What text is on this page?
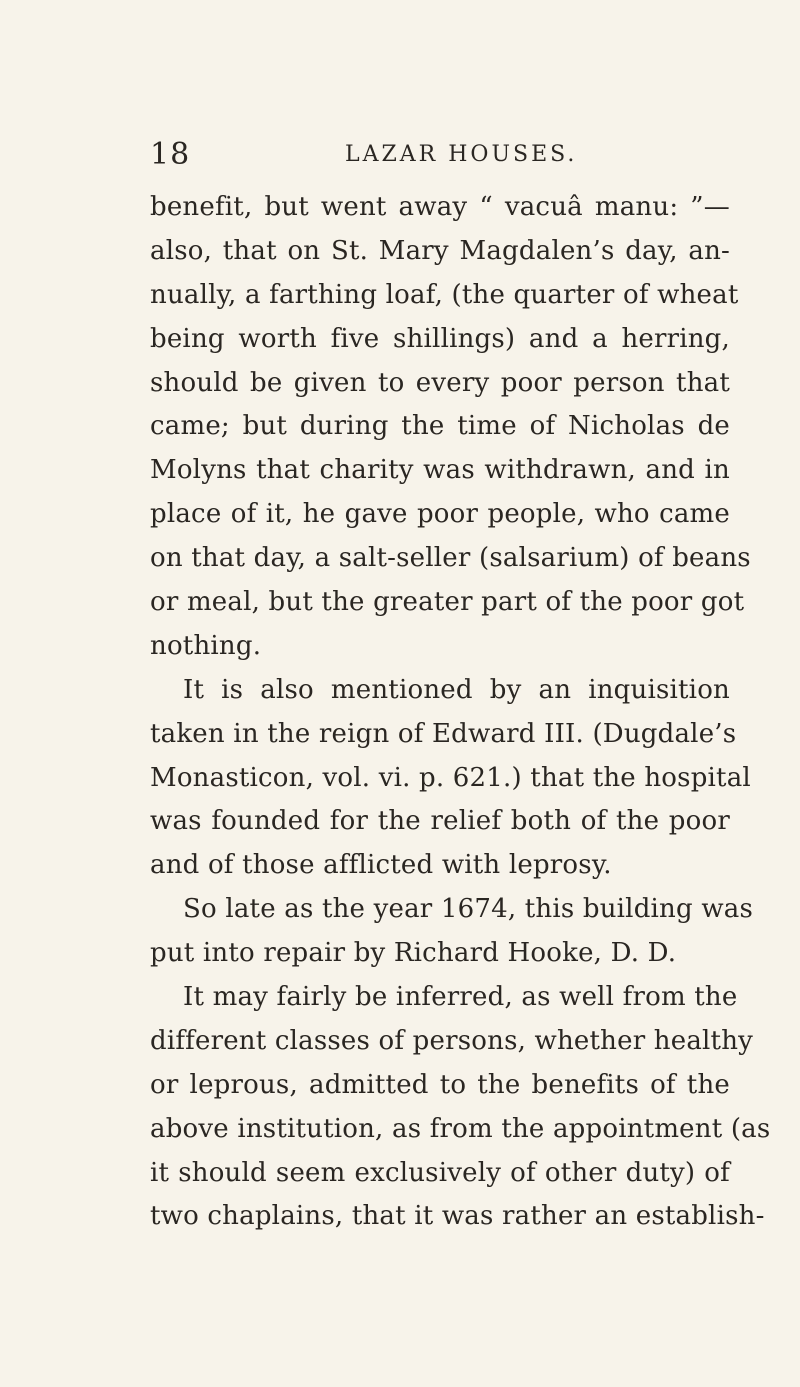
18	LAZAR HOUSES.
benefit, but went away “ vacuâ manu: ”—
also, that on St. Mary Magdalen’s day, an-
nually, a farthing loaf, (the quarter of wheat
being worth five shillings) and a herring,
should be given to every poor person that
came; but during the time of Nicholas de
Molyns that charity was withdrawn, and in
place of it, he gave poor people, who came
on that day, a salt-seller (salsarium) of beans
or meal, but the greater part of the poor got
nothing.
It is also mentioned by an inquisition
taken in the reign of Edward III. (Dugdale’s
Monasticon, vol. vi. p. 621.) that the hospital
was founded for the relief both of the poor
and of those afflicted with leprosy.
So late as the year 1674, this building was
put into repair by Richard Hooke, D. D.
It may fairly be inferred, as well from the
different classes of persons, whether healthy
or leprous, admitted to the benefits of the
above institution, as from the appointment (as
it should seem exclusively of other duty) of
two chaplains, that it was rather an establish-
